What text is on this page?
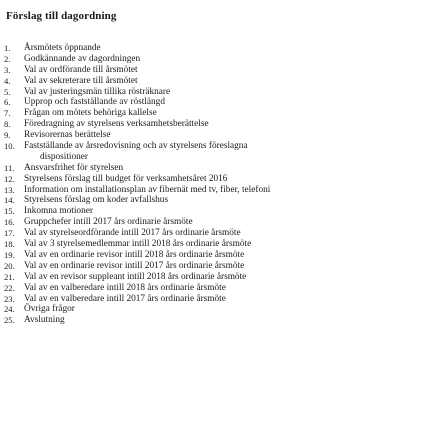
Förslag till dagordning
1.	Årsmötets öppnande
2.	Godkännande av dagordningen
3.	Val av ordförande till årsmötet
4.	Val av sekreterare till årsmötet
5.	Val av justeringsmän tillika rösträknare
6.	Upprop och fastställande av röstlängd
7.	Frågan om mötets behöriga kallelse
8.	Föredragning av styrelsens verksamhetsberättelse
9.	Revisorernas berättelse
10. Fastställande av årsredovisning och av styrelsens föreslagna
dispositioner
11.	Ansvarsfrihet för styrelsen
12. Styrelsens förslag till budget för verksamhetsåret 2016
13. Information om installationsplan av fibernät med tv, fiber, telefoni
14. Styrelsens förslag om koder avfallshus
15. Inkomna motioner
16. Gruppchefer intill 2017 års ordinarie årsmöte
17. Val av styrelseordförande intill 2017 års ordinarie årsmöte
18. Val av 3 styrelsemedlemmar intill 2018 års ordinarie årsmöte
19. Val av en ordinarie revisor intill 2018 års ordinarie årsmöte
20. Val av en ordinarie revisor intill 2017 års ordinarie årsmöte
21. Val av en revisor suppleant intill 2018 års ordinarie årsmöte
22. Val av en valberedare intill 2018 års ordinarie årsmöte
23. Val av en valberedare intill 2017 års ordinarie årsmöte
24. Övriga frågor
25. Avslutning
